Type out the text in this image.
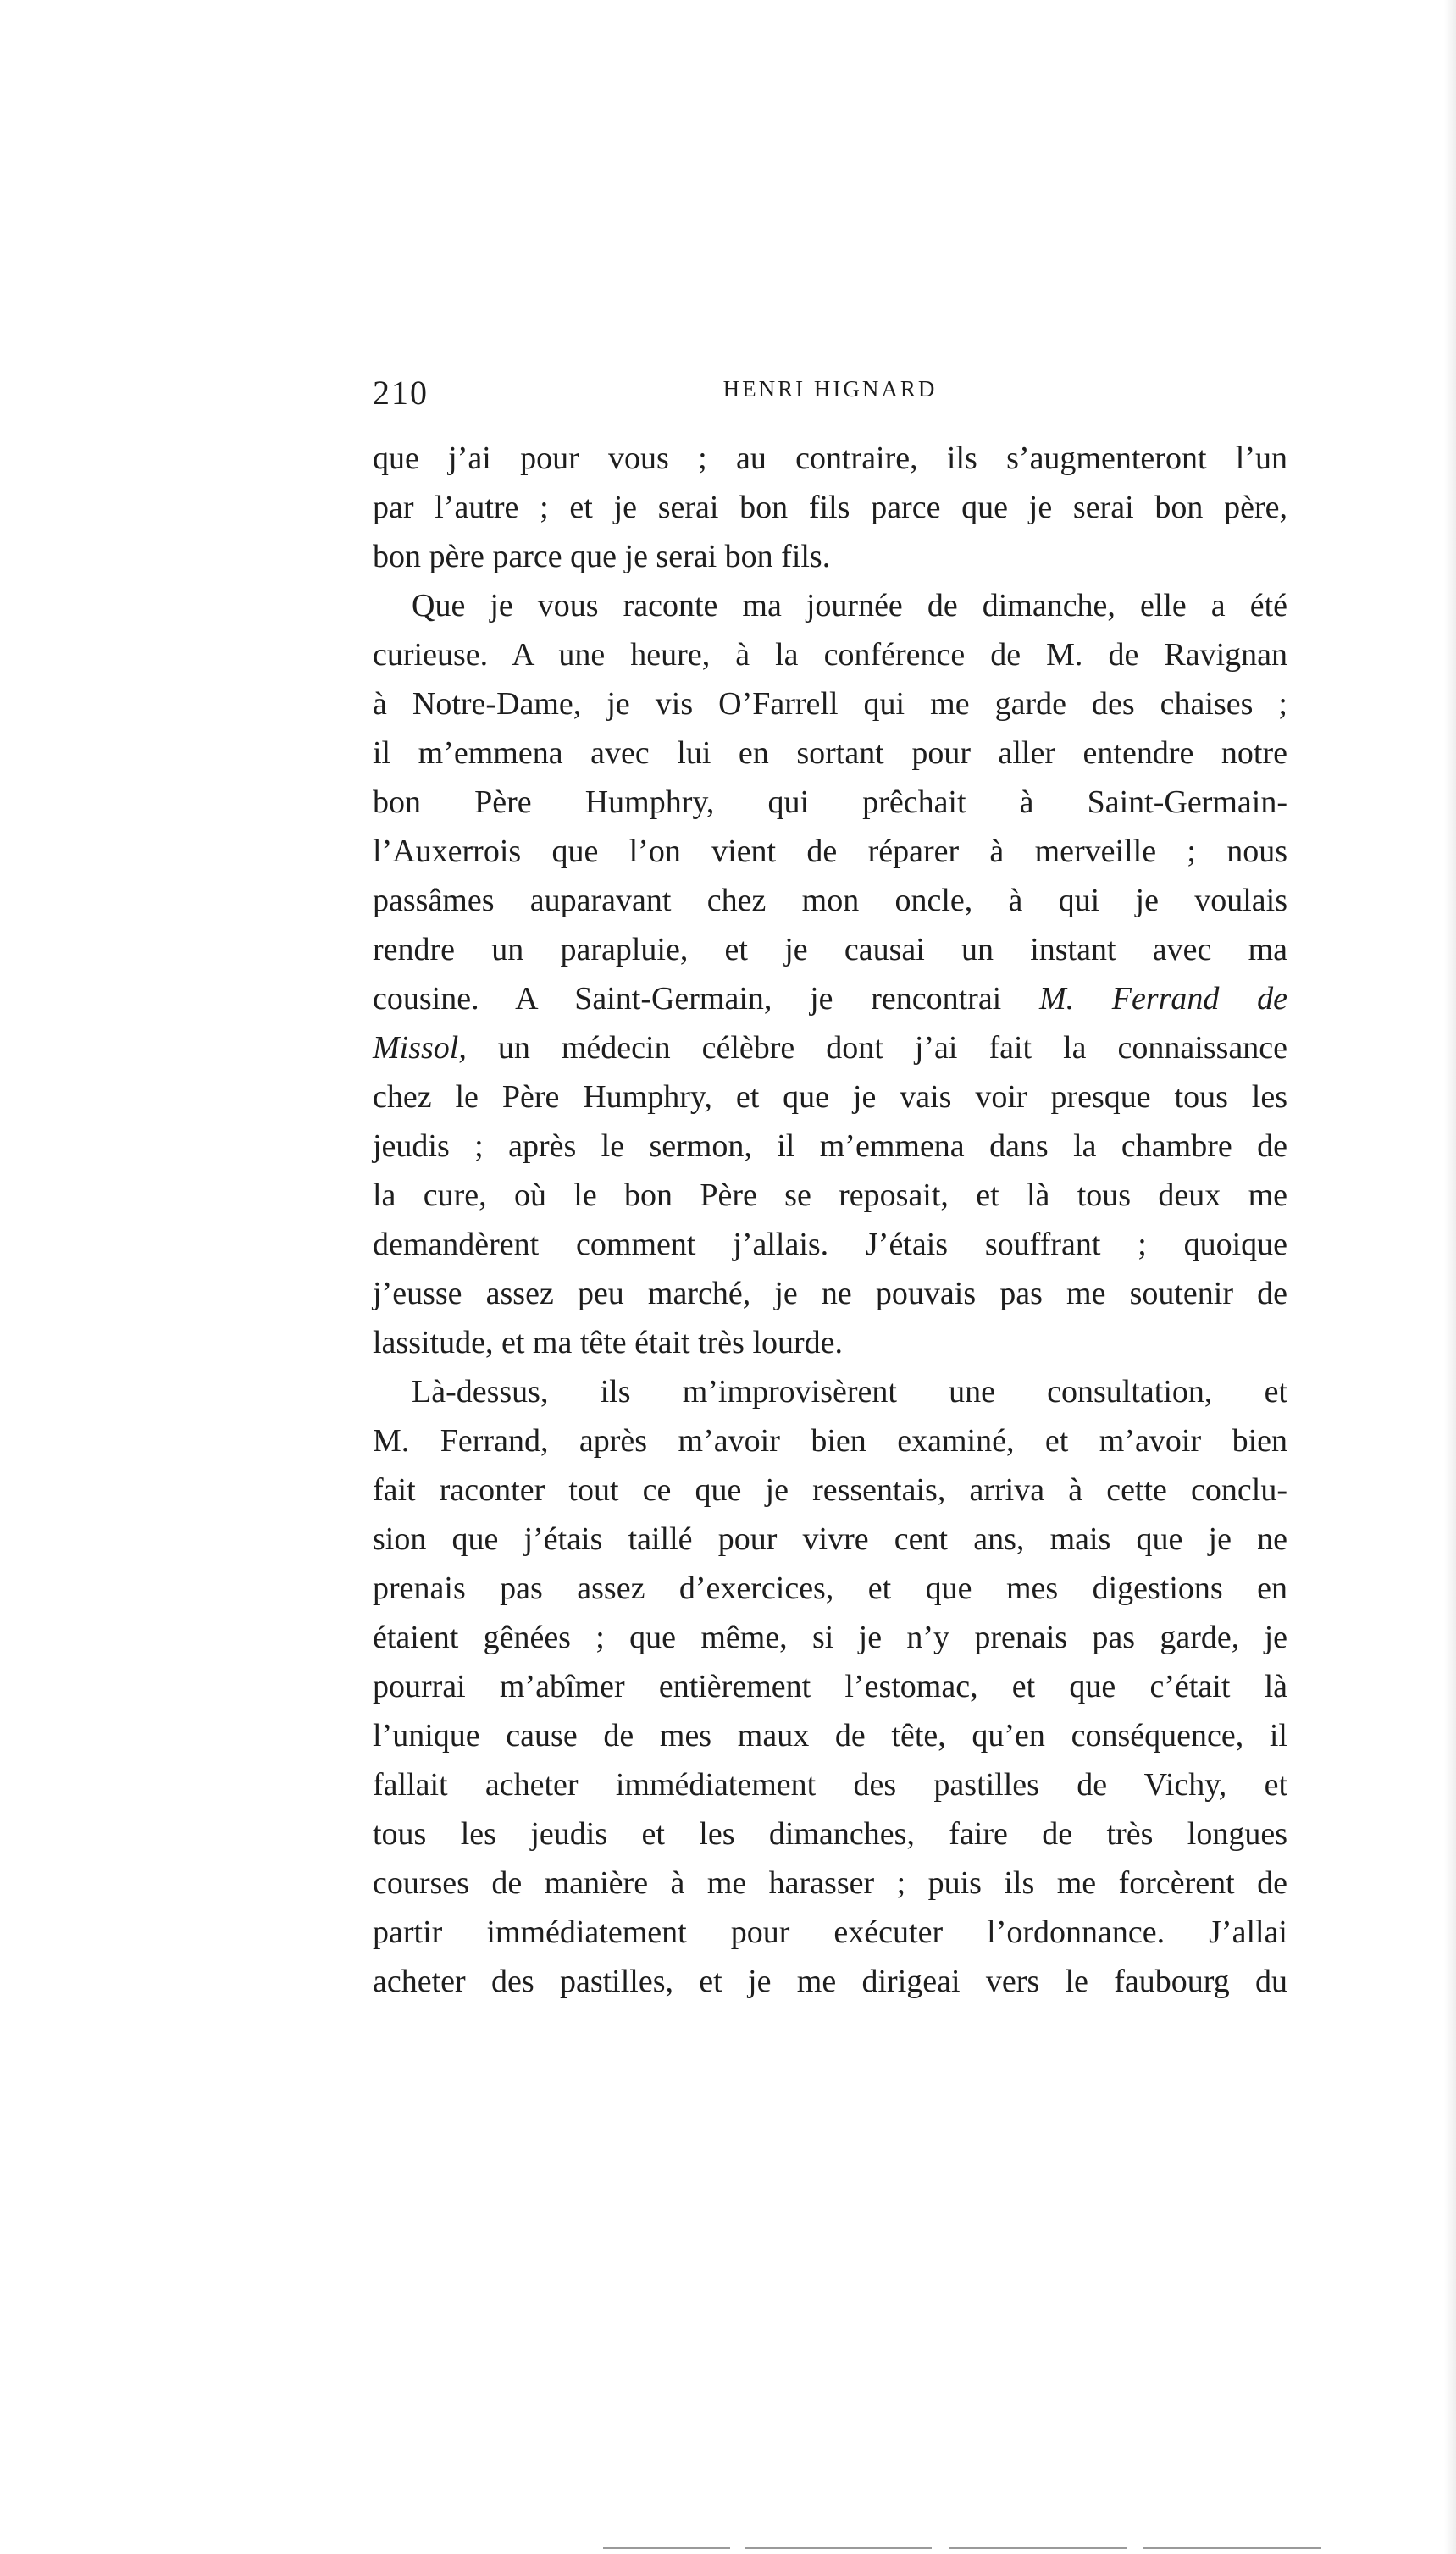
210	HENRI HIGNARD
que j’ai pour vous ; au contraire, ils s’augmenteront l’un
par l’autre ; et je serai bon fils parce que je serai bon père,
bon père parce que je serai bon fils.
Que je vous raconte ma journée de dimanche, elle a été
curieuse. A une heure, à la conférence de M. de Ravignan
à Notre-Dame, je vis O’Farrell qui me garde des chaises ;
il m’emmena avec lui en sortant pour aller entendre notre
bon Père Humphry, qui prêchait à Saint-Germain-
l’Auxerrois que l’on vient de réparer à merveille ; nous
passâmes auparavant chez mon oncle, à qui je voulais
rendre un parapluie, et je causai un instant avec ma
cousine. A Saint-Germain, je rencontrai M. Ferrand de
Missol, un médecin célèbre dont j’ai fait la connaissance
chez le Père Humphry, et que je vais voir presque tous les
jeudis ; après le sermon, il m’emmena dans la chambre de
la cure, où le bon Père se reposait, et là tous deux me
demandèrent comment j’allais. J’étais souffrant ; quoique
j’eusse assez peu marché, je ne pouvais pas me soutenir de
lassitude, et ma tête était très lourde.
Là-dessus, ils m’improvisèrent une consultation, et
M. Ferrand, après m’avoir bien examiné, et m’avoir bien
fait raconter tout ce que je ressentais, arriva à cette conclu-
sion que j’étais taillé pour vivre cent ans, mais que je ne
prenais pas assez d’exercices, et que mes digestions en
étaient gênées ; que même, si je n’y prenais pas garde, je
pourrai m’abîmer entièrement l’estomac, et que c’était là
l’unique cause de mes maux de tête, qu’en conséquence, il
fallait acheter immédiatement des pastilles de Vichy, et
tous les jeudis et les dimanches, faire de très longues
courses de manière à me harasser ; puis ils me forcèrent de
partir immédiatement pour exécuter l’ordonnance. J’allai
acheter des pastilles, et je me dirigeai vers le faubourg du
